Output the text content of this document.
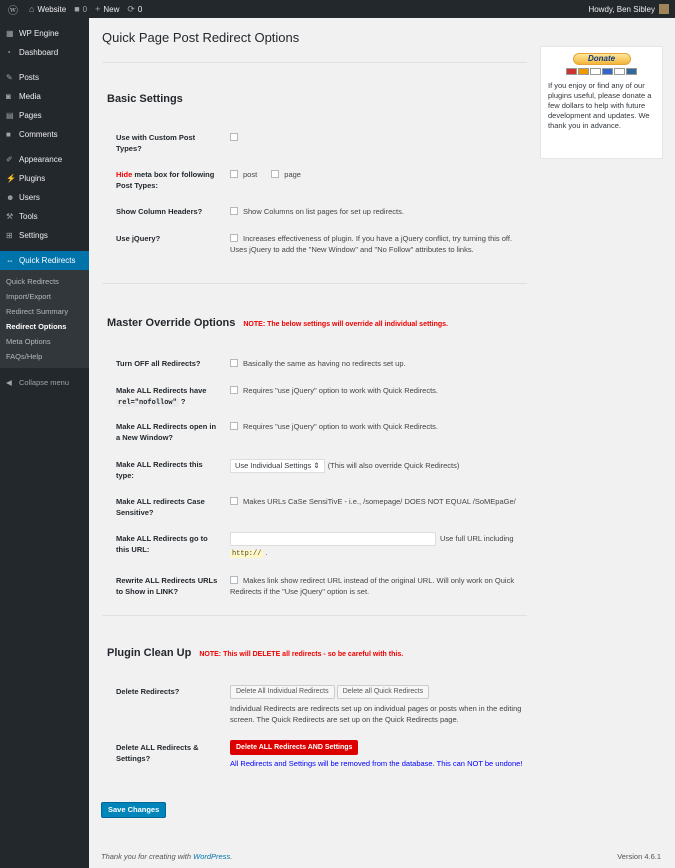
ⓦ ⌂ Website ■ 0 + New ⟳ 0	Howdy, Ben Sibley
▦ WP Engine
◔	Dashboard
✎ Posts
◙	Media
▤ Pages
■	Comments
✐ Appearance
⚡ Plugins
☻ Users
⚒ Tools
⊞ Settings
⇔ Quick Redirects
Quick Redirects
Import/Export
Redirect Summary
Redirect Options
Meta Options
FAQs/Help
◀ Collapse menu
Quick Page Post Redirect Options
Basic Settings
Use with Custom Post Types?
Hide meta box for following Post Types:
post	page
Show Column Headers?	Show Columns on list pages for set up redirects.
Use jQuery?	Increases effectiveness of plugin. If you have a jQuery conflict, try turning this off.
Uses jQuery to add the "New Window" and "No Follow" attributes to links.
Master Override Options NOTE: The below settings will override all individual settings.
Turn OFF all Redirects?	Basically the same as having no redirects set up.
Make ALL Redirects have
rel="nofollow" ?
Requires "use jQuery" option to work with Quick Redirects.
Make ALL Redirects open in a New Window?
Requires "use jQuery" option to work with Quick Redirects.
Make ALL Redirects this type:
Use Individual Settings ⇕ (This will also override Quick Redirects)
Make ALL redirects Case Sensitive?
Makes URLs CaSe SensiTivE - i.e., /somepage/ DOES NOT EQUAL /SoMEpaGe/
Make ALL Redirects go to this URL:
Use full URL including
http:// .
Rewrite ALL Redirects URLs to Show in LINK?
Makes link show redirect URL instead of the original URL. Will only work on Quick Redirects if the "Use jQuery" option is set.
Plugin Clean Up NOTE: This will DELETE all redirects - so be careful with this.
Delete Redirects?	Delete All Individual Redirects Delete all Quick Redirects
Individual Redirects are redirects set up on individual pages or posts when in the editing screen. The Quick Redirects are set up on the Quick Redirects page.
Delete ALL Redirects & Settings?
Delete ALL Redirects AND Settings
All Redirects and Settings will be removed from the database. This can NOT be undone!
Save Changes
Donate
If you enjoy or find any of our plugins useful, please donate a few dollars to help with future development and updates. We thank you in advance.
Thank you for creating with WordPress.	Version 4.6.1
